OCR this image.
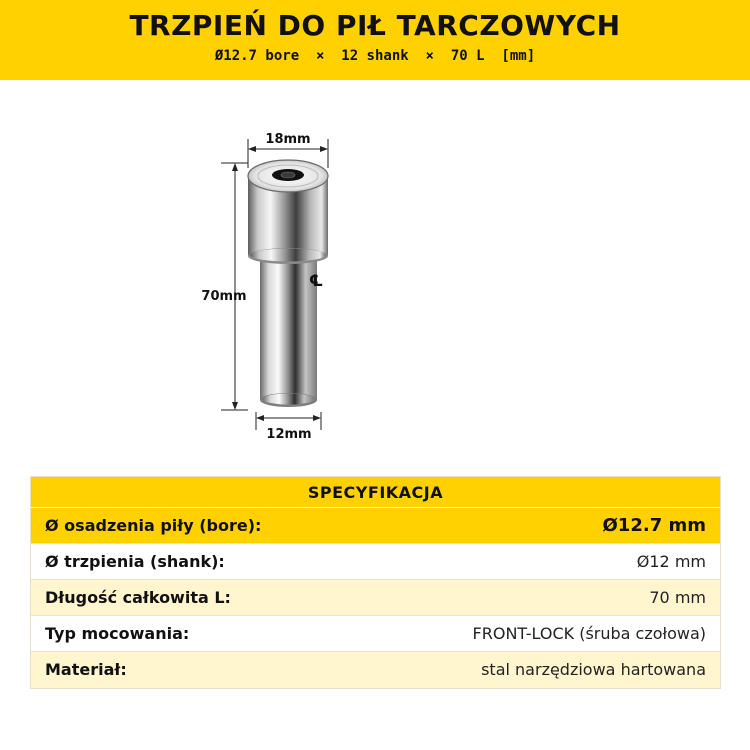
TRZPIEŃ DO PIŁ TARCZOWYCH
Ø12.7 bore  ×  12 shank  ×  70 L  [mm]
18mm
70mm
12mm
℄
SPECYFIKACJA
Ø osadzenia piły (bore):	Ø12.7 mm
Ø trzpienia (shank):	Ø12 mm
Długość całkowita L:	70 mm
Typ mocowania:	FRONT-LOCK (śruba czołowa)
Materiał:	stal narzędziowa hartowana
